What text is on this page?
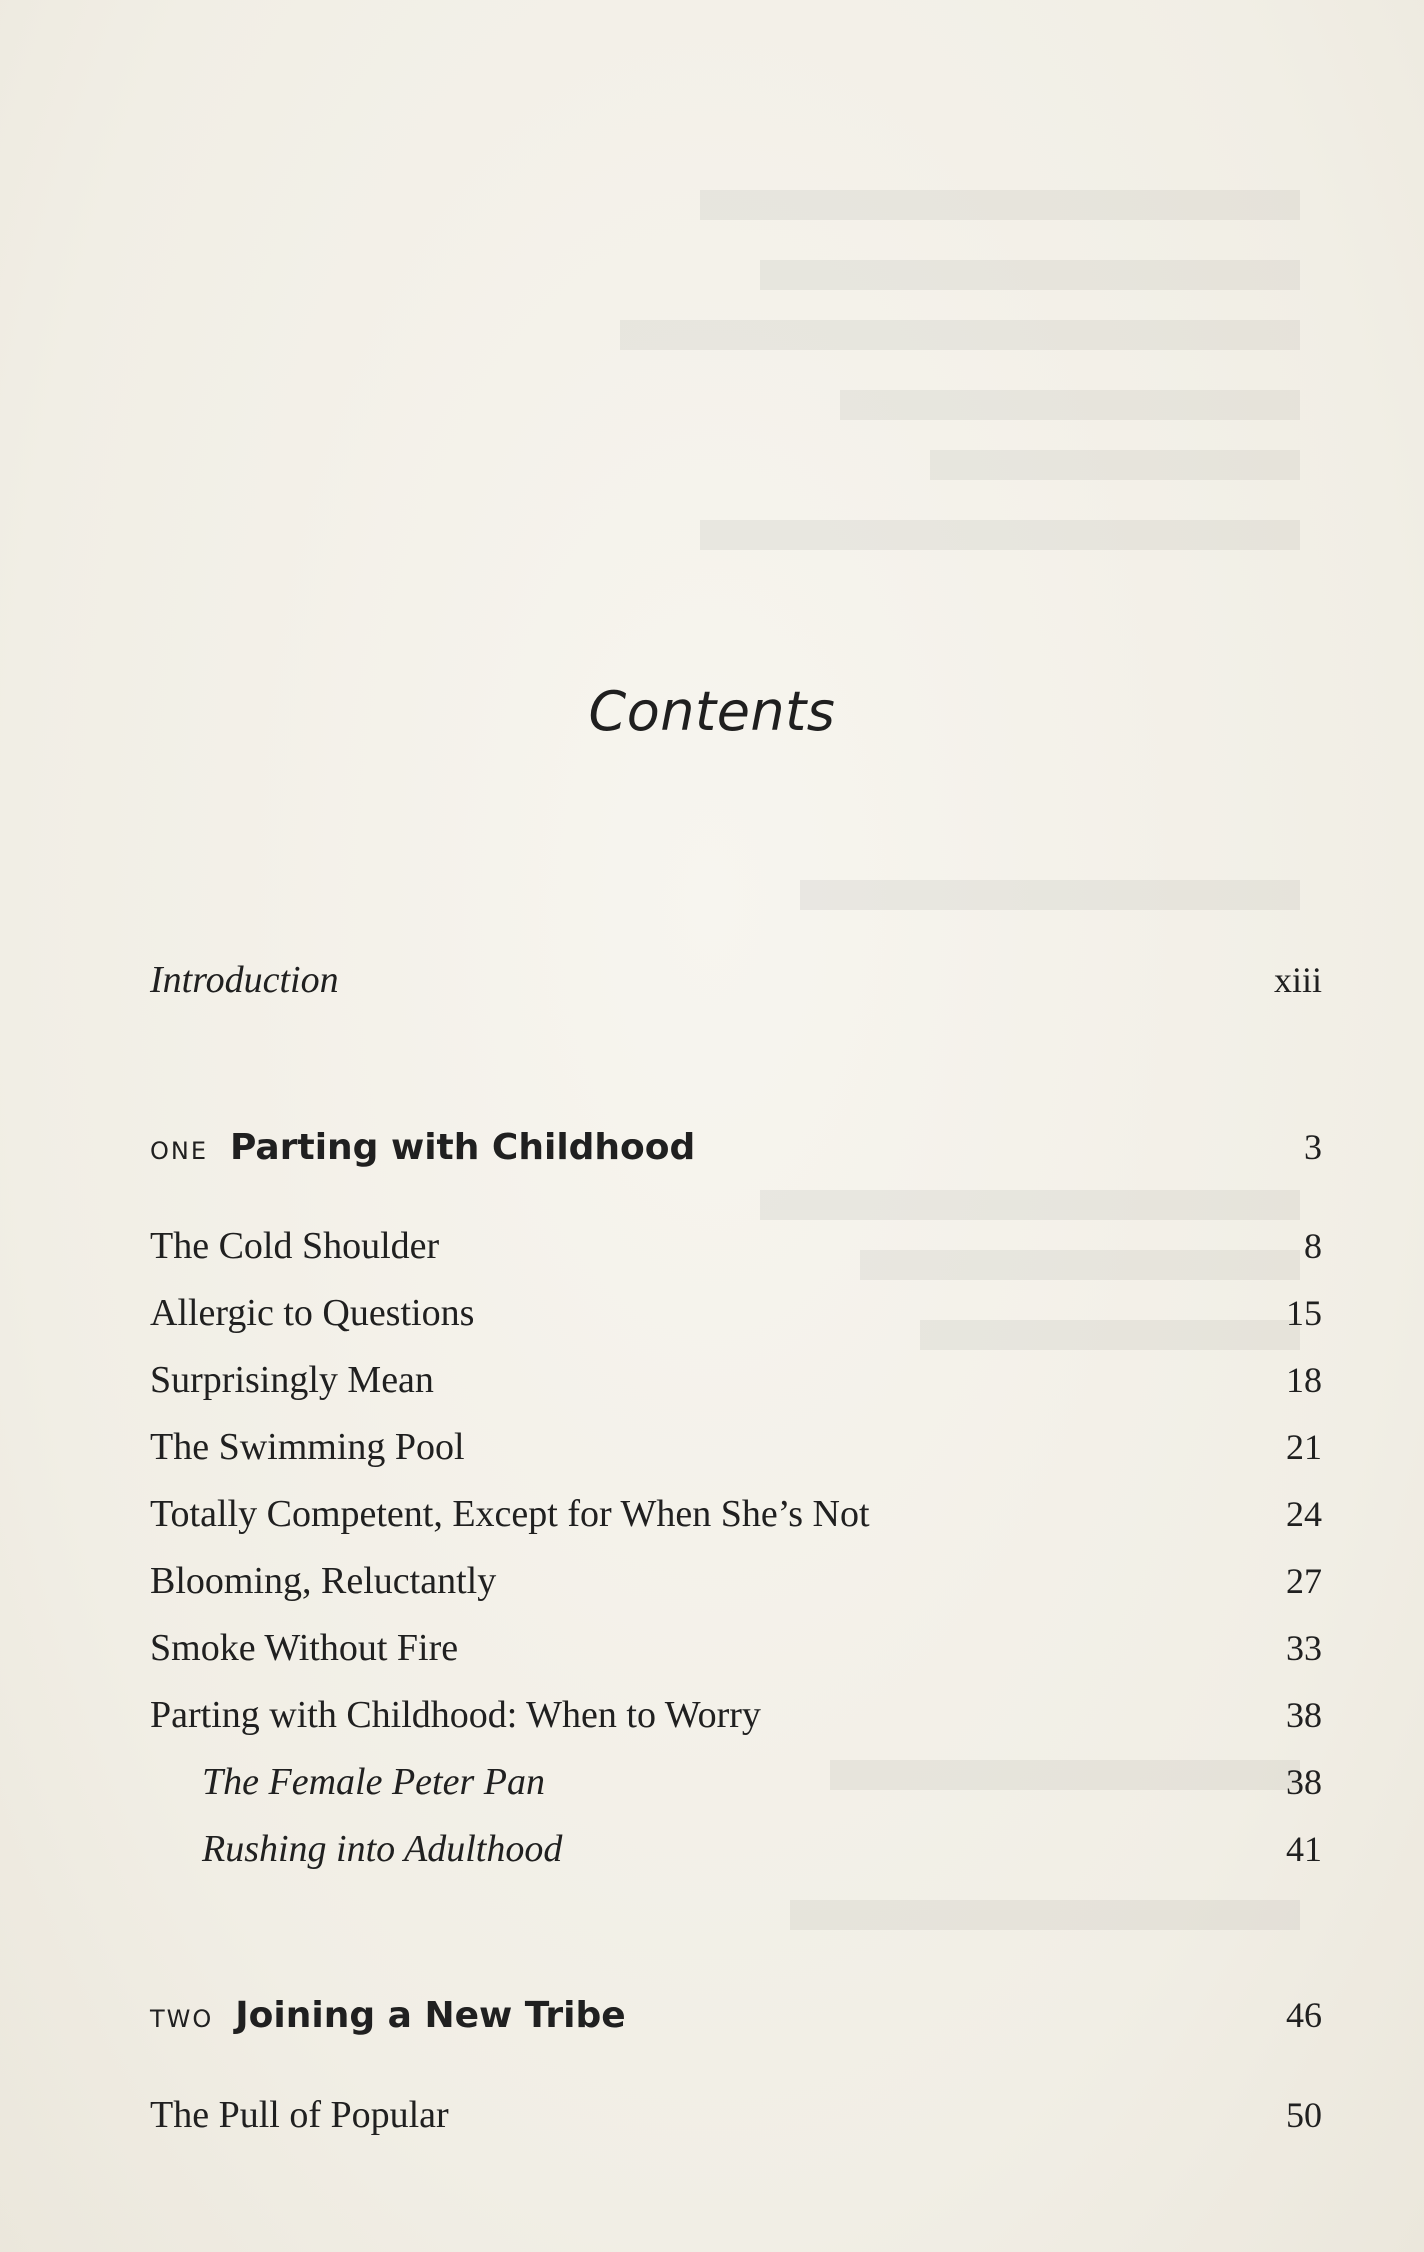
Contents
Introduction	xiii
ONE Parting with Childhood	3
The Cold Shoulder	8
Allergic to Questions	15
Surprisingly Mean	18
The Swimming Pool	21
Totally Competent, Except for When She’s Not	24
Blooming, Reluctantly	27
Smoke Without Fire	33
Parting with Childhood: When to Worry	38
The Female Peter Pan	38
Rushing into Adulthood	41
TWO Joining a New Tribe	46
The Pull of Popular	50
